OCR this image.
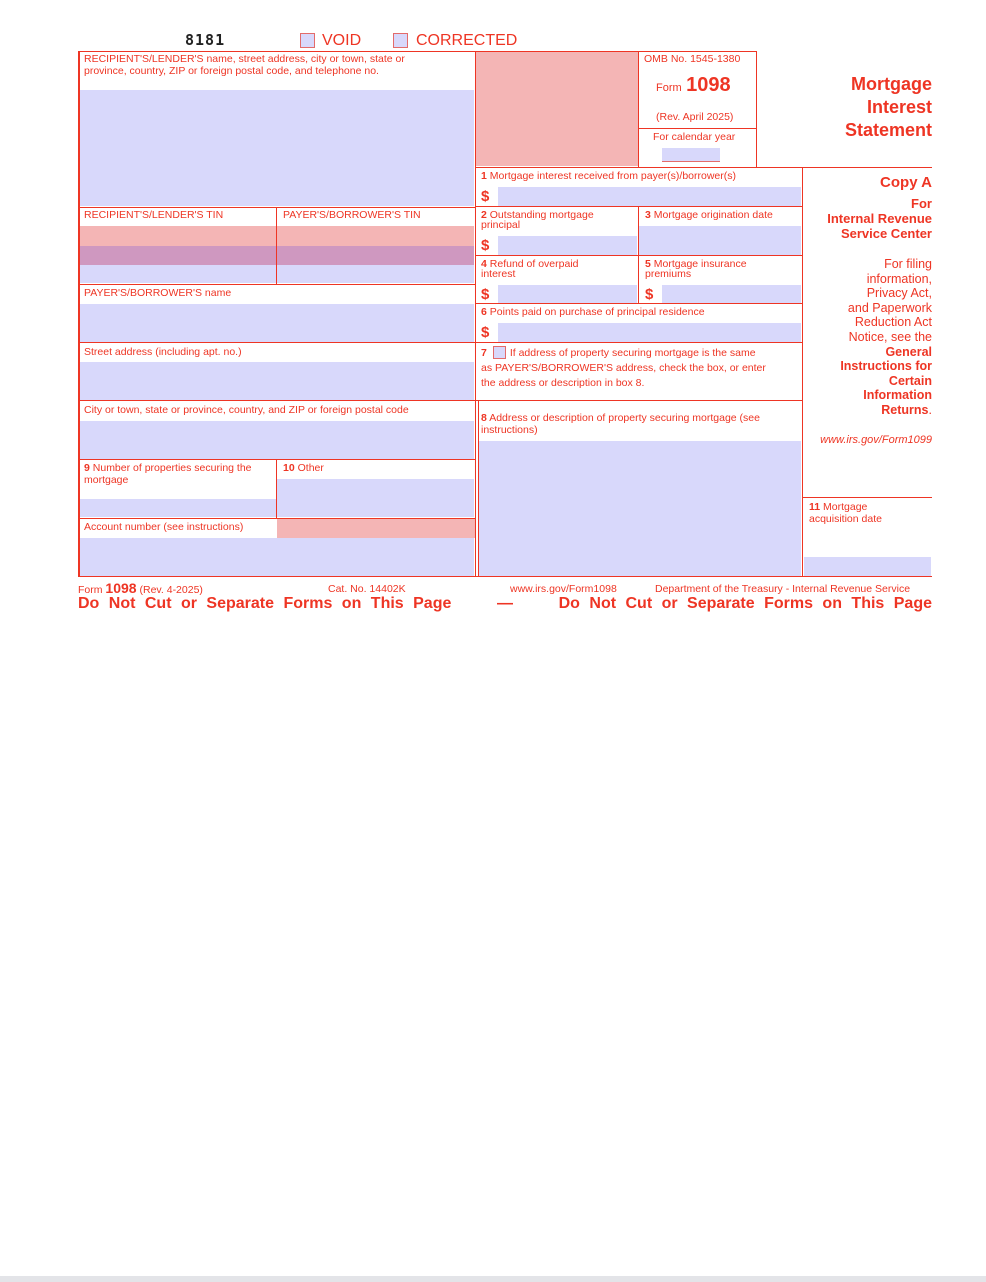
8181	VOID	CORRECTED
RECIPIENT'S/LENDER'S name, street address, city or town, state or
province, country, ZIP or foreign postal code, and telephone no.
RECIPIENT'S/LENDER'S TIN	PAYER'S/BORROWER'S TIN
PAYER'S/BORROWER'S name
Street address (including apt. no.)
City or town, state or province, country, and ZIP or foreign postal code
9 Number of properties securing the
mortgage
10 Other
Account number (see instructions)
OMB No. 1545-1380
Form 1098
(Rev. April 2025)
For calendar year
Mortgage
Interest
Statement
1 Mortgage interest received from payer(s)/borrower(s)
$
2 Outstanding mortgage
principal
$
3 Mortgage origination date
4 Refund of overpaid
interest
$
5 Mortgage insurance
premiums
$
6 Points paid on purchase of principal residence
$
7 If address of property securing mortgage is the same
as PAYER'S/BORROWER'S address, check the box, or enter
the address or description in box 8.
8 Address or description of property securing mortgage (see
instructions)
Copy A
For
Internal Revenue
Service Center
For filing
information,
Privacy Act,
and Paperwork
Reduction Act
Notice, see the
General
Instructions for
Certain
Information
Returns.
www.irs.gov/Form1099
11 Mortgage
acquisition date
Form 1098 (Rev. 4-2025)	Cat. No. 14402K	www.irs.gov/Form1098	Department of the Treasury - Internal Revenue Service
Do Not Cut or Separate Forms on This Page	—	Do Not Cut or Separate Forms on This Page
